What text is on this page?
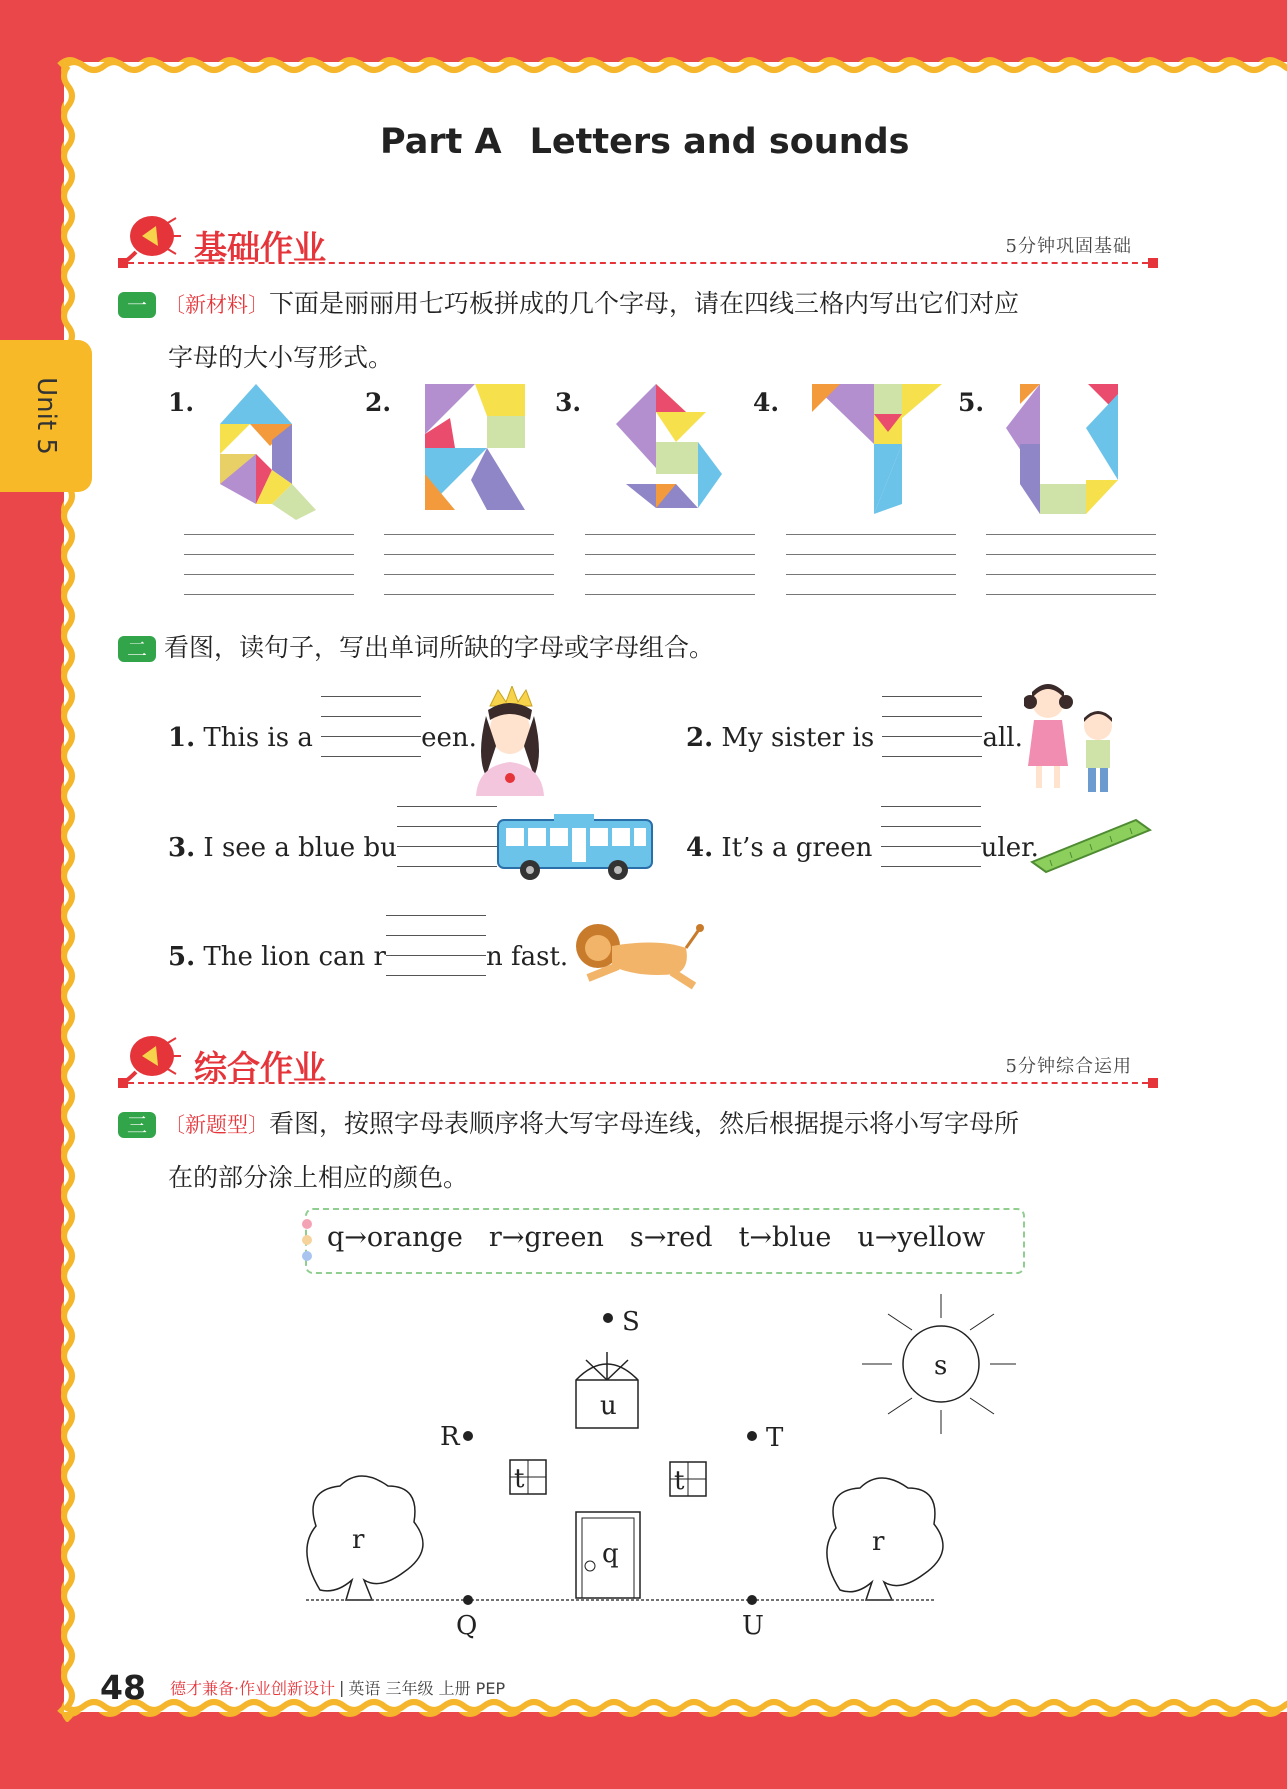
Unit 5
Part A Letters and sounds
基础作业	5分钟巩固基础
一 〔新材料〕下面是丽丽用七巧板拼成的几个字母，请在四线三格内写出它们对应
字母的大小写形式。
1.	2.	3.	4.	5.
二 看图，读句子，写出单词所缺的字母或字母组合。
1. This is a	een.	2. My sister is	all.
3. I see a blue bu	4. It’s a green	uler.
5. The lion can r	n fast.
综合作业	5分钟综合运用
三 〔新题型〕看图，按照字母表顺序将大写字母连线，然后根据提示将小写字母所
在的部分涂上相应的颜色。
q→orange r→green s→red t→blue u→yellow
S
u
R	T
t	t
q
r	r
Q	U
s
48 德才兼备·作业创新设计 | 英语 三年级 上册 PEP
